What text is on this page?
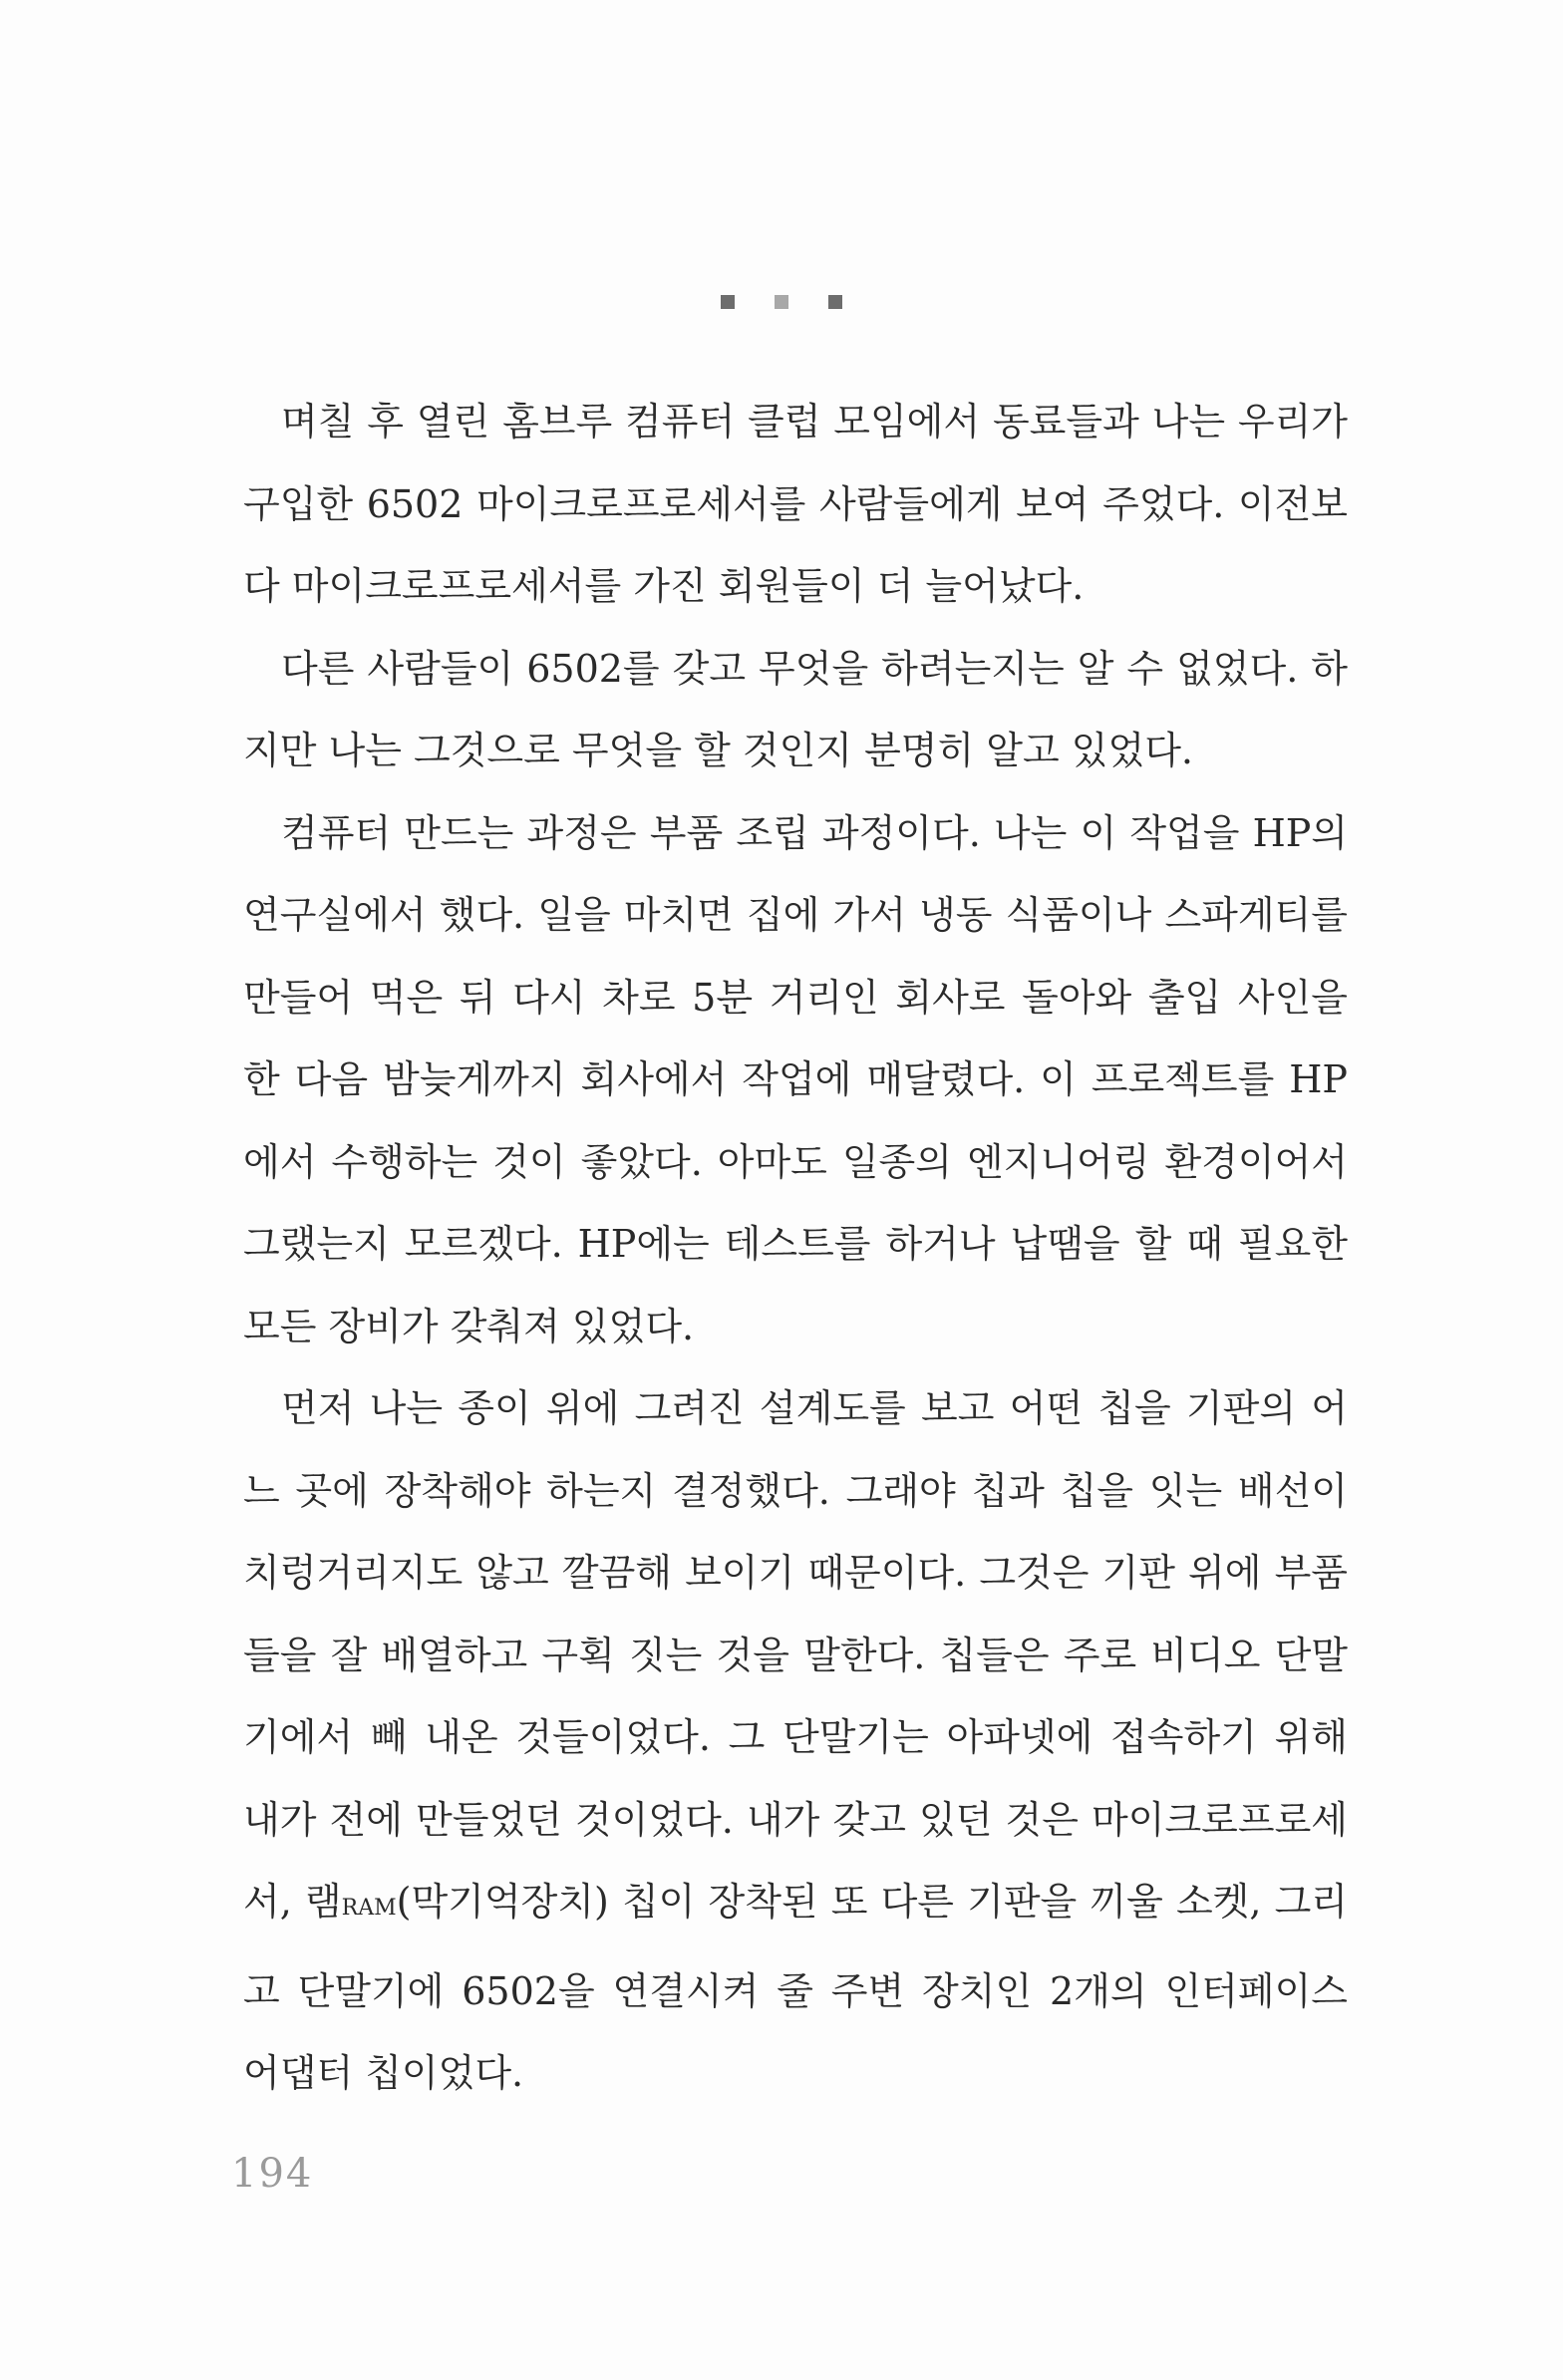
며칠 후 열린 홈브루 컴퓨터 클럽 모임에서 동료들과 나는 우리가 구입한 6502 마이크로프로세서를 사람들에게 보여 주었다. 이전보다 마이크로프로세서를 가진 회원들이 더 늘어났다.

다른 사람들이 6502를 갖고 무엇을 하려는지는 알 수 없었다. 하지만 나는 그것으로 무엇을 할 것인지 분명히 알고 있었다.

컴퓨터 만드는 과정은 부품 조립 과정이다. 나는 이 작업을 HP의 연구실에서 했다. 일을 마치면 집에 가서 냉동 식품이나 스파게티를 만들어 먹은 뒤 다시 차로 5분 거리인 회사로 돌아와 출입 사인을 한 다음 밤늦게까지 회사에서 작업에 매달렸다. 이 프로젝트를 HP에서 수행하는 것이 좋았다. 아마도 일종의 엔지니어링 환경이어서 그랬는지 모르겠다. HP에는 테스트를 하거나 납땜을 할 때 필요한 모든 장비가 갖춰져 있었다.

먼저 나는 종이 위에 그려진 설계도를 보고 어떤 칩을 기판의 어느 곳에 장착해야 하는지 결정했다. 그래야 칩과 칩을 잇는 배선이 치렁거리지도 않고 깔끔해 보이기 때문이다. 그것은 기판 위에 부품들을 잘 배열하고 구획 짓는 것을 말한다. 칩들은 주로 비디오 단말기에서 빼 내온 것들이었다. 그 단말기는 아파넷에 접속하기 위해 내가 전에 만들었던 것이었다. 내가 갖고 있던 것은 마이크로프로세서, 램RAM(막기억장치) 칩이 장착된 또 다른 기판을 끼울 소켓, 그리고 단말기에 6502을 연결시켜 줄 주변 장치인 2개의 인터페이스 어댑터 칩이었다.

194
